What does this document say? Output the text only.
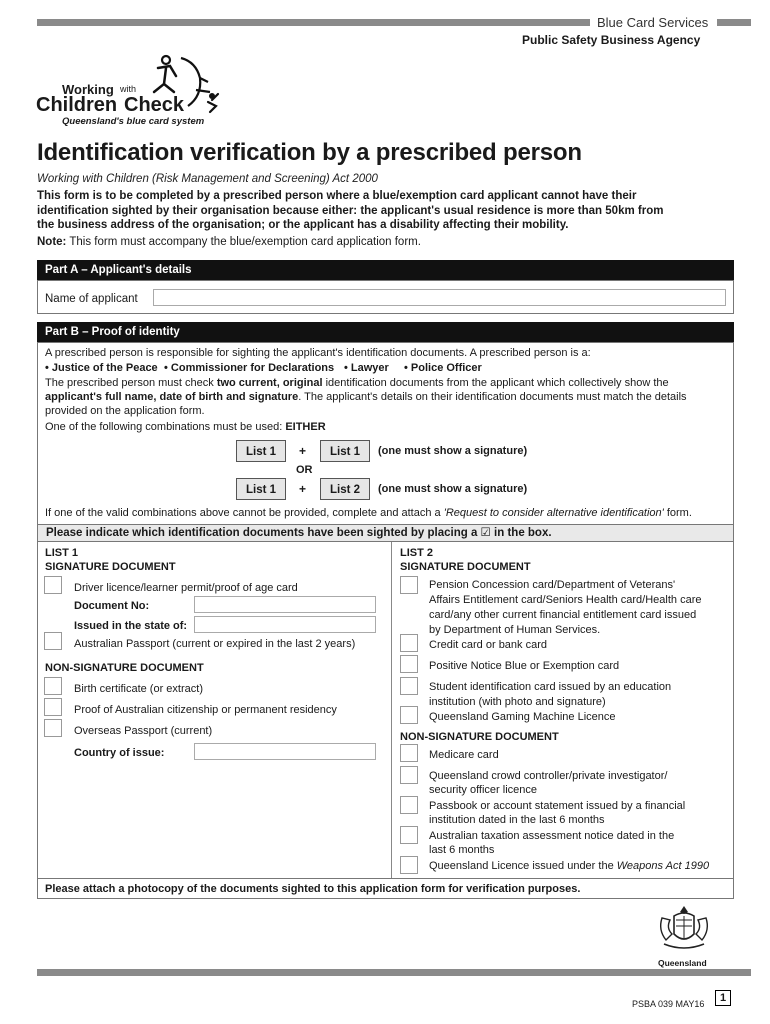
Blue Card Services
Public Safety Business Agency
Working with
Children Check
Queensland's blue card system
Identification verification by a prescribed person
Working with Children (Risk Management and Screening) Act 2000
This form is to be completed by a prescribed person where a blue/exemption card applicant cannot have their
identification sighted by their organisation because either: the applicant's usual residence is more than 50km from
the business address of the organisation; or the applicant has a disability affecting their mobility.
Note: This form must accompany the blue/exemption card application form.
Part A – Applicant's details
Name of applicant
Part B – Proof of identity
A prescribed person is responsible for sighting the applicant's identification documents. A prescribed person is a:
• Justice of the Peace • Commissioner for Declarations • Lawyer • Police Officer
The prescribed person must check two current, original identification documents from the applicant which collectively show the
applicant's full name, date of birth and signature. The applicant's details on their identification documents must match the details
provided on the application form.
One of the following combinations must be used: EITHER
List 1	+	List 1	(one must show a signature)
OR
List 1	+	List 2	(one must show a signature)
If one of the valid combinations above cannot be provided, complete and attach a 'Request to consider alternative identification' form.
Please indicate which identification documents have been sighted by placing a ☑ in the box.
LIST 1
SIGNATURE DOCUMENT
Driver licence/learner permit/proof of age card
Document No:
Issued in the state of:
Australian Passport (current or expired in the last 2 years)
NON-SIGNATURE DOCUMENT
Birth certificate (or extract)
Proof of Australian citizenship or permanent residency
Overseas Passport (current)
Country of issue:
LIST 2
SIGNATURE DOCUMENT
Pension Concession card/Department of Veterans'
Affairs Entitlement card/Seniors Health card/Health care
card/any other current financial entitlement card issued
by Department of Human Services.
Credit card or bank card
Positive Notice Blue or Exemption card
Student identification card issued by an education
institution (with photo and signature)
Queensland Gaming Machine Licence
NON-SIGNATURE DOCUMENT
Medicare card
Queensland crowd controller/private investigator/
security officer licence
Passbook or account statement issued by a financial
institution dated in the last 6 months
Australian taxation assessment notice dated in the
last 6 months
Queensland Licence issued under the Weapons Act 1990
Please attach a photocopy of the documents sighted to this application form for verification purposes.
Queensland
PSBA 039 MAY16	1
